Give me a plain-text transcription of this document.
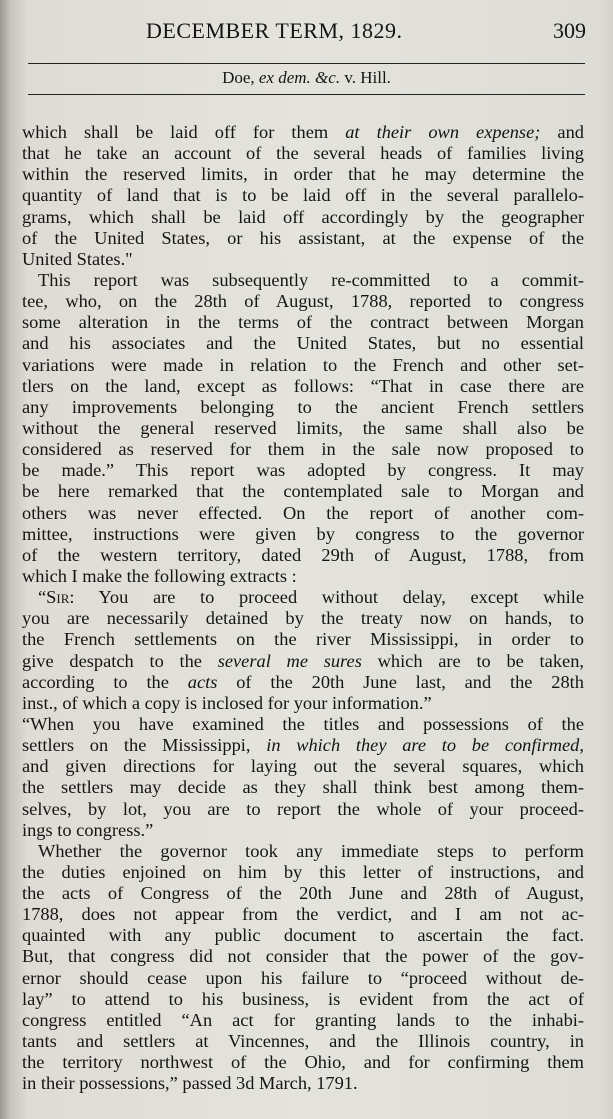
DECEMBER TERM, 1829.	309
Doe, ex dem. &c. v. Hill.
which shall be laid off for them at their own expense; and
that he take an account of the several heads of families living
within the reserved limits, in order that he may determine the
quantity of land that is to be laid off in the several parallelo-
grams, which shall be laid off accordingly by the geographer
of the United States, or his assistant, at the expense of the
United States."
This report was subsequently re-committed to a commit-
tee, who, on the 28th of August, 1788, reported to congress
some alteration in the terms of the contract between Morgan
and his associates and the United States, but no essential
variations were made in relation to the French and other set-
tlers on the land, except as follows: “That in case there are
any improvements belonging to the ancient French settlers
without the general reserved limits, the same shall also be
considered as reserved for them in the sale now proposed to
be made.” This report was adopted by congress. It may
be here remarked that the contemplated sale to Morgan and
others was never effected. On the report of another com-
mittee, instructions were given by congress to the governor
of the western territory, dated 29th of August, 1788, from
which I make the following extracts :
“Sir: You are to proceed without delay, except while
you are necessarily detained by the treaty now on hands, to
the French settlements on the river Mississippi, in order to
give despatch to the several me sures which are to be taken,
according to the acts of the 20th June last, and the 28th
inst., of which a copy is inclosed for your information.”
“When you have examined the titles and possessions of the
settlers on the Mississippi, in which they are to be confirmed,
and given directions for laying out the several squares, which
the settlers may decide as they shall think best among them-
selves, by lot, you are to report the whole of your proceed-
ings to congress.”
Whether the governor took any immediate steps to perform
the duties enjoined on him by this letter of instructions, and
the acts of Congress of the 20th June and 28th of August,
1788, does not appear from the verdict, and I am not ac-
quainted with any public document to ascertain the fact.
But, that congress did not consider that the power of the gov-
ernor should cease upon his failure to “proceed without de-
lay” to attend to his business, is evident from the act of
congress entitled “An act for granting lands to the inhabi-
tants and settlers at Vincennes, and the Illinois country, in
the territory northwest of the Ohio, and for confirming them
in their possessions,” passed 3d March, 1791.
